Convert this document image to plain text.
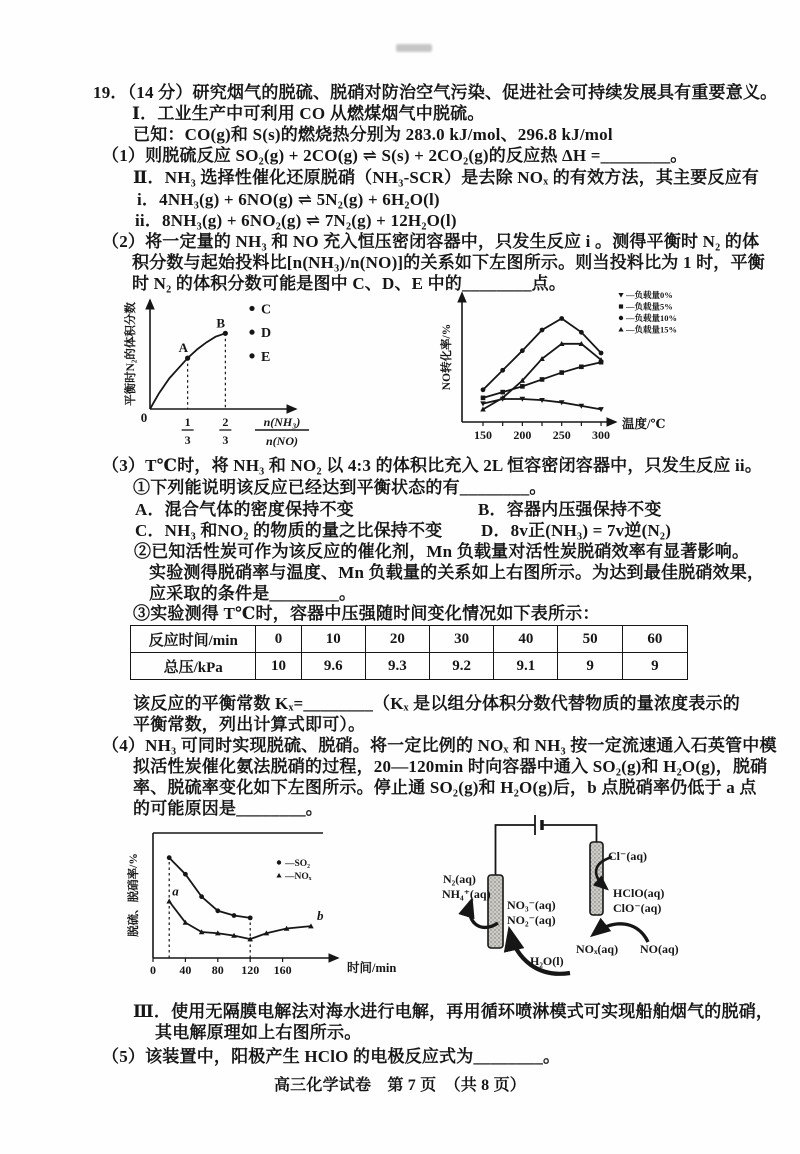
19．（14 分）研究烟气的脱硫、脱硝对防治空气污染、促进社会可持续发展具有重要意义。
Ⅰ．工业生产中可利用 CO 从燃煤烟气中脱硫。
已知：CO(g)和 S(s)的燃烧热分别为 283.0 kJ/mol、296.8 kJ/mol
（1）则脱硫反应 SO₂(g) + 2CO(g) ⇌ S(s) + 2CO₂(g)的反应热 ΔH =________。
Ⅱ．NH₃ 选择性催化还原脱硝（NH₃-SCR）是去除 NOₓ 的有效方法，其主要反应有
i．4NH₃(g) + 6NO(g) ⇌ 5N₂(g) + 6H₂O(l)
ii．8NH₃(g) + 6NO₂(g) ⇌ 7N₂(g) + 12H₂O(l)
（2）将一定量的 NH₃ 和 NO 充入恒压密闭容器中，只发生反应 i 。测得平衡时 N₂ 的体
积分数与起始投料比[n(NH₃)/n(NO)]的关系如下左图所示。则当投料比为 1 时，平衡
时 N₂ 的体积分数可能是图中 C、D、E 中的________点。
0
平衡时N₂的体积分数
n(NH₃)
n(NO)
1
3
2
3
A
B
C
D
E	NO转化率/%
温度/℃
150 200 250 300
—负载量0%
—负载量5%
—负载量10%
—负载量15%
（3）T℃时，将 NH₃ 和 NO₂ 以 4:3 的体积比充入 2L 恒容密闭容器中，只发生反应 ii。
①下列能说明该反应已经达到平衡状态的有________。
A．混合气体的密度保持不变	B．容器内压强保持不变
C．NH₃ 和NO₂ 的物质的量之比保持不变 D．8v正(NH₃) = 7v逆(N₂)
②已知活性炭可作为该反应的催化剂，Mn 负载量对活性炭脱硝效率有显著影响。
实验测得脱硝率与温度、Mn 负载量的关系如上右图所示。为达到最佳脱硝效果，
应采取的条件是________。
③实验测得 T℃时，容器中压强随时间变化情况如下表所示：
反应时间/min	0	10	20	30	40	50	60
总压/kPa	10	9.6	9.3	9.2	9.1	9	9
该反应的平衡常数 Kₓ=________（Kₓ 是以组分体积分数代替物质的量浓度表示的
平衡常数，列出计算式即可）。
（4）NH₃ 可同时实现脱硫、脱硝。将一定比例的 NOₓ 和 NH₃ 按一定流速通入石英管中模
拟活性炭催化氨法脱硝的过程，20—120min 时向容器中通入 SO₂(g)和 H₂O(g)，脱硝
率、脱硫率变化如下左图所示。停止通 SO₂(g)和 H₂O(g)后，b 点脱硝率仍低于 a 点
的可能原因是________。
脱硫、脱硝率/%
时间/min
0 40 80 120 160
a
b
—SO₂
—NOₓ	N₂(aq)
NH₄⁺(aq)
NO₃⁻(aq)
NO₂⁻(aq)
Cl⁻(aq)
HClO(aq)
ClO⁻(aq)
H₂O(l)
NOₓ(aq) NO(aq)
Ⅲ．使用无隔膜电解法对海水进行电解，再用循环喷淋模式可实现船舶烟气的脱硝，
其电解原理如上右图所示。
（5）该装置中，阳极产生 HClO 的电极反应式为________。
高三化学试卷　第 7 页　（共 8 页）
